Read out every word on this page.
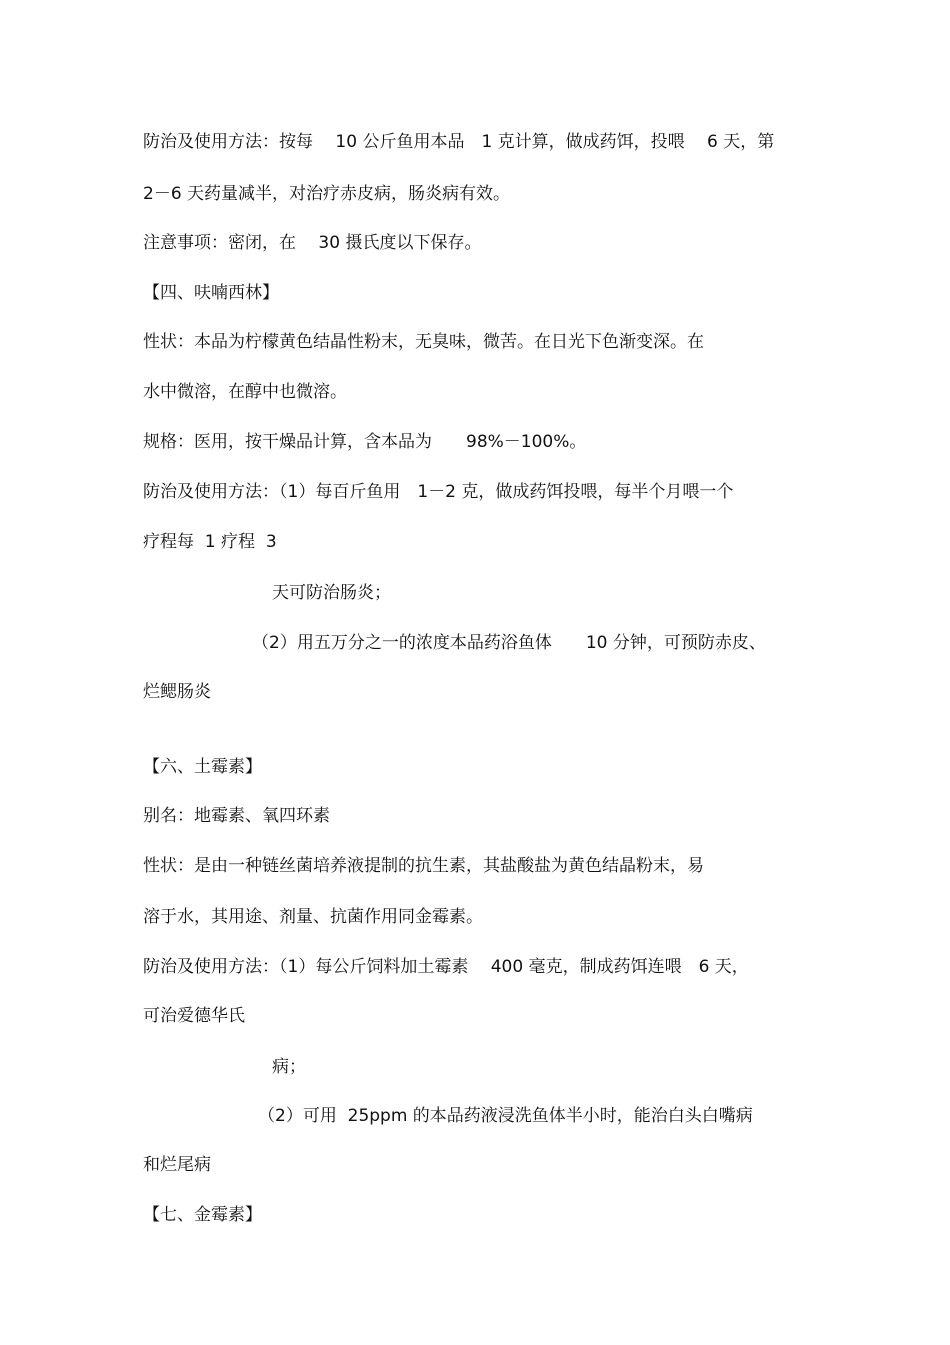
防治及使用方法：按每　 10 公斤鱼用本品　1 克计算，做成药饵，投喂　 6 天，第

2－6 天药量减半，对治疗赤皮病，肠炎病有效。

注意事项：密闭，在　 30 摄氏度以下保存。

【四、呋喃西林】

性状：本品为柠檬黄色结晶性粉末，无臭味，微苦。在日光下色渐变深。在

水中微溶，在醇中也微溶。

规格：医用，按干燥品计算，含本品为　　98%－100%。

防治及使用方法：（1）每百斤鱼用　1－2 克，做成药饵投喂，每半个月喂一个

疗程每  1 疗程  3

天可防治肠炎；

（2）用五万分之一的浓度本品药浴鱼体　　10 分钟，可预防赤皮、

烂鳃肠炎

【六、土霉素】

别名：地霉素、氧四环素

性状：是由一种链丝菌培养液提制的抗生素，其盐酸盐为黄色结晶粉末，易

溶于水，其用途、剂量、抗菌作用同金霉素。

防治及使用方法：（1）每公斤饲料加土霉素　 400 毫克，制成药饵连喂　6 天，

可治爱德华氏

病；

（2）可用  25ppm 的本品药液浸洗鱼体半小时，能治白头白嘴病

和烂尾病

【七、金霉素】
